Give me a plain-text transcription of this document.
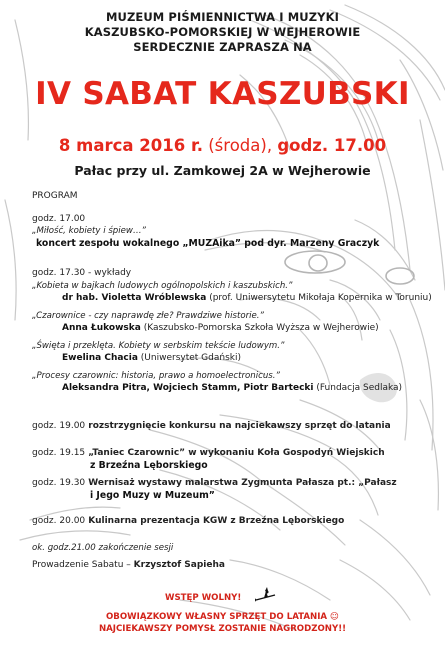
MUZEUM PIŚMIENNICTWA I MUZYKI
KASZUBSKO-POMORSKIEJ W WEJHEROWIE
SERDECZNIE ZAPRASZA NA
IV SABAT KASZUBSKI
8 marca 2016 r. (środa), godz. 17.00
Pałac przy ul. Zamkowej 2A w Wejherowie
PROGRAM
godz. 17.00
„Miłość, kobiety i śpiew…”
koncert zespołu wokalnego „MUZAika” pod dyr. Marzeny Graczyk
godz. 17.30 - wykłady
„Kobieta w bajkach ludowych ogólnopolskich i kaszubskich.”
dr hab. Violetta Wróblewska (prof. Uniwersytetu Mikołaja Kopernika w Toruniu)
„Czarownice - czy naprawdę złe? Prawdziwe historie.”
Anna Łukowska (Kaszubsko-Pomorska Szkoła Wyższa w Wejherowie)
„Święta i przeklęta. Kobiety w serbskim tekście ludowym.”
Ewelina Chacia (Uniwersytet Gdański)
„Procesy czarownic: historia, prawo a homoelectronicus.”
Aleksandra Pitra, Wojciech Stamm, Piotr Bartecki (Fundacja Sedlaka)
godz. 19.00 rozstrzygnięcie konkursu na najciekawszy sprzęt do latania
godz. 19.15 „Taniec Czarownic” w wykonaniu Koła Gospodyń Wiejskich
z Brzeźna Lęborskiego
godz. 19.30 Wernisaż wystawy malarstwa Zygmunta Pałasza pt.: „Pałasz
i Jego Muzy w Muzeum”
godz. 20.00 Kulinarna prezentacja KGW z Brzeźna Lęborskiego
ok. godz.21.00 zakończenie sesji
Prowadzenie Sabatu – Krzysztof Sapieha
WSTĘP WOLNY!
OBOWIĄZKOWY WŁASNY SPRZĘT DO LATANIA ☺
NAJCIEKAWSZY POMYSŁ ZOSTANIE NAGRODZONY!!
